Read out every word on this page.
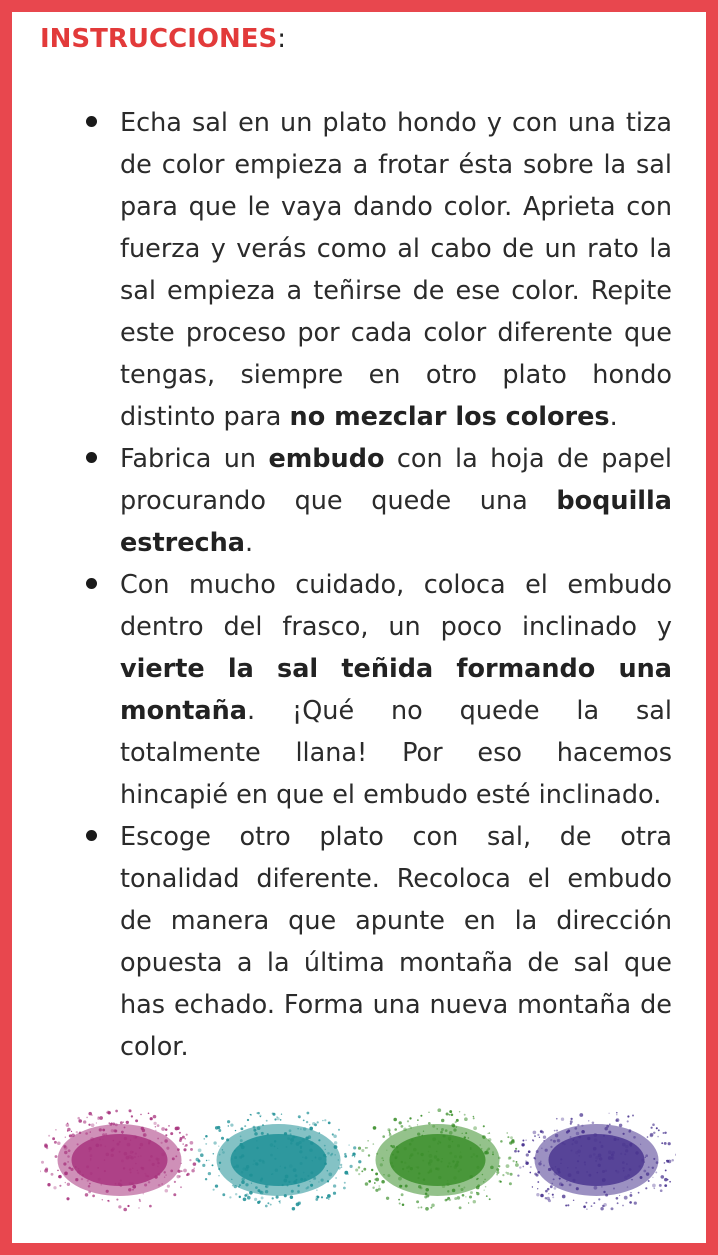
INSTRUCCIONES:
Echa sal en un plato hondo y con una tiza de color empieza a frotar ésta sobre la sal para que le vaya dando color. Aprieta con fuerza y verás como al cabo de un rato la sal empieza a teñirse de ese color. Repite este proceso por cada color diferente que tengas, siempre en otro plato hondo distinto para no mezclar los colores.
Fabrica un embudo con la hoja de papel procurando que quede una boquilla estrecha.
Con mucho cuidado, coloca el embudo dentro del frasco, un poco inclinado y vierte la sal teñida formando una montaña. ¡Qué no quede la sal totalmente llana! Por eso hacemos hincapié en que el embudo esté inclinado.
Escoge otro plato con sal, de otra tonalidad diferente. Recoloca el embudo de manera que apunte en la dirección opuesta a la última montaña de sal que has echado. Forma una nueva montaña de color.
